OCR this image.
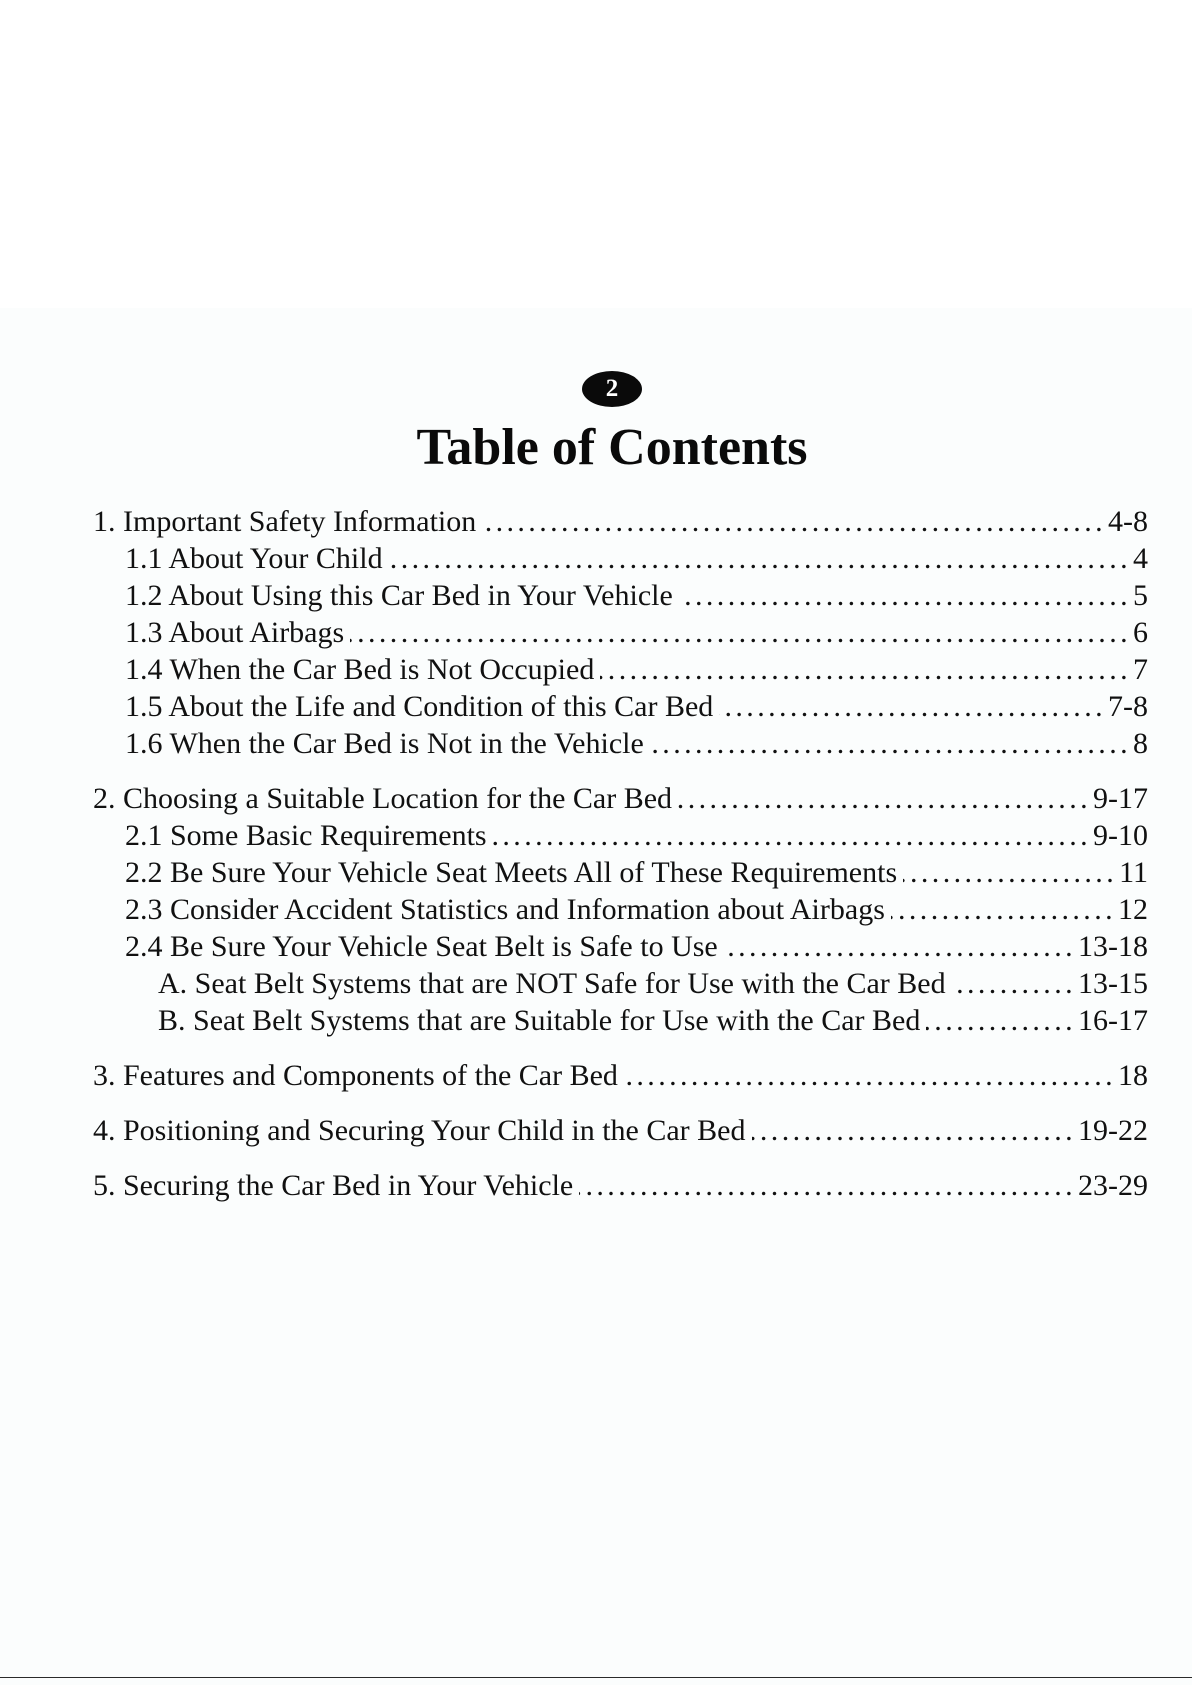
2
Table of Contents
1. Important Safety Information .....	4-8
1.1 About Your Child .....	4
1.2 About Using this Car Bed in Your Vehicle .....	5
1.3 About Airbags .....	6
1.4 When the Car Bed is Not Occupied .....	7
1.5 About the Life and Condition of this Car Bed .....	7-8
1.6 When the Car Bed is Not in the Vehicle .....	8
2. Choosing a Suitable Location for the Car Bed .....	9-17
2.1 Some Basic Requirements .....	9-10
2.2 Be Sure Your Vehicle Seat Meets All of These Requirements .....	11
2.3 Consider Accident Statistics and Information about Airbags .....	12
2.4 Be Sure Your Vehicle Seat Belt is Safe to Use .....	13-18
A. Seat Belt Systems that are NOT Safe for Use with the Car Bed .....	13-15
B. Seat Belt Systems that are Suitable for Use with the Car Bed .....	16-17
3. Features and Components of the Car Bed .....	18
4. Positioning and Securing Your Child in the Car Bed .....	19-22
5. Securing the Car Bed in Your Vehicle .....	23-29
